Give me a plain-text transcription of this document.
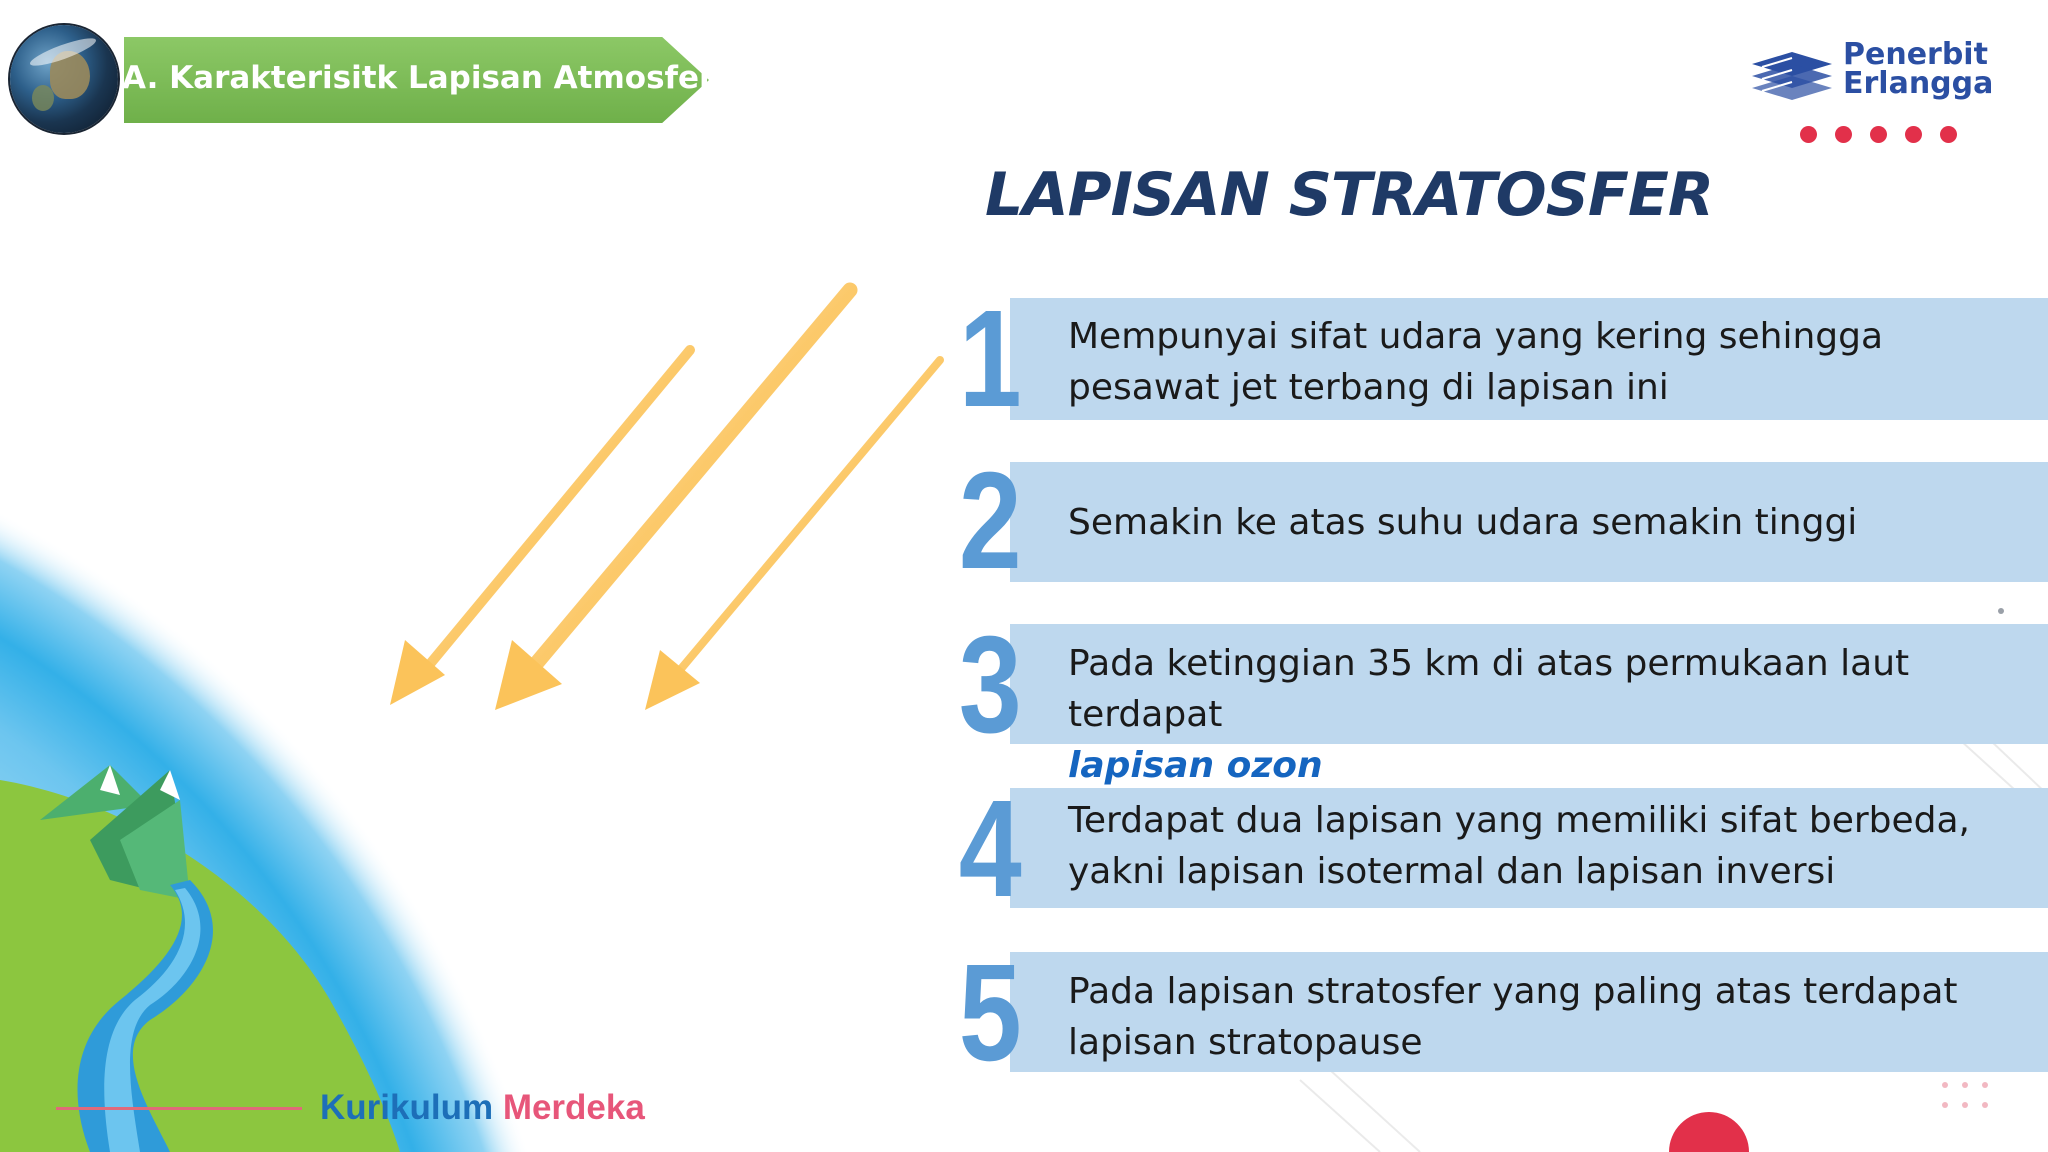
A. Karakterisitk Lapisan Atmosfer
Penerbit
Erlangga
LAPISAN STRATOSFER
1 Mempunyai sifat udara yang kering sehingga pesawat jet terbang di lapisan ini
2 Semakin ke atas suhu udara semakin tinggi
3 Pada ketinggian 35 km di atas permukaan laut terdapat
lapisan ozon
4 Terdapat dua lapisan yang memiliki sifat berbeda, yakni lapisan isotermal dan lapisan inversi
5 Pada lapisan stratosfer yang paling atas terdapat lapisan stratopause
Kurikulum Merdeka
